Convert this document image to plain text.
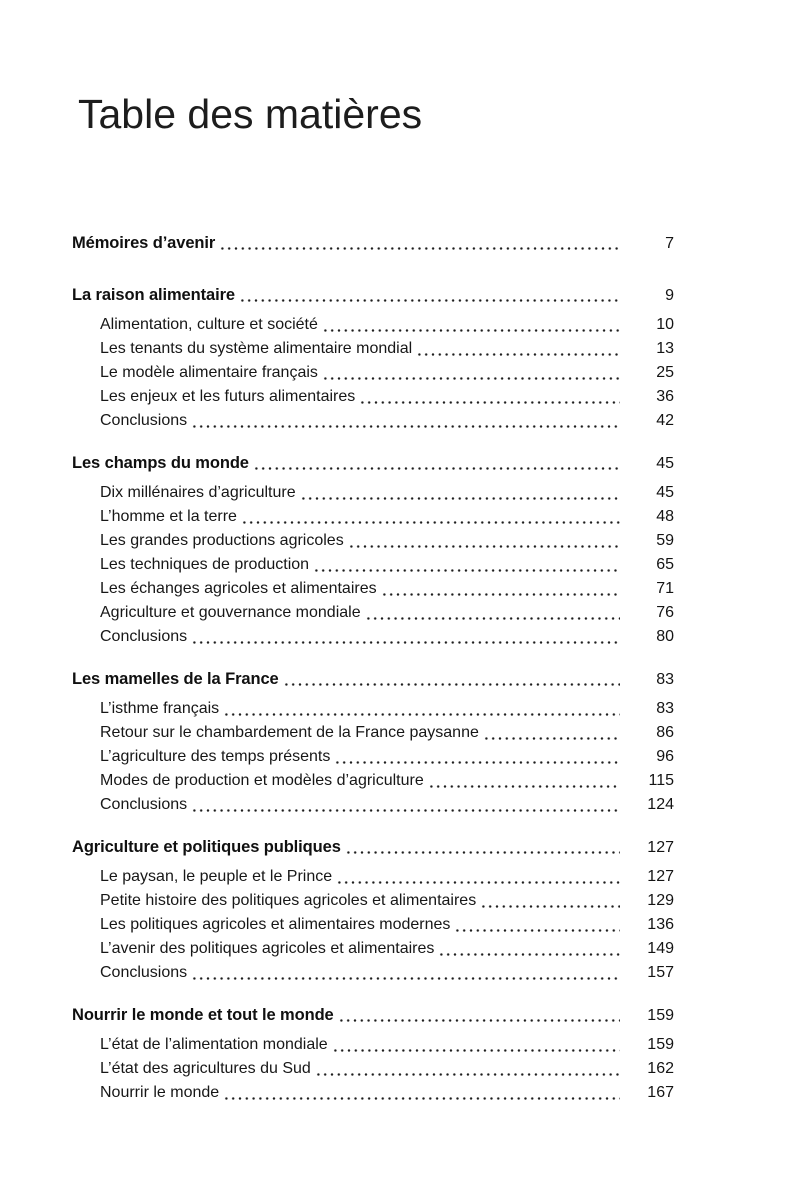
Table des matières
Mémoires d’avenir	7
La raison alimentaire	9
Alimentation, culture et société	10
Les tenants du système alimentaire mondial	13
Le modèle alimentaire français	25
Les enjeux et les futurs alimentaires	36
Conclusions	42
Les champs du monde	45
Dix millénaires d’agriculture	45
L’homme et la terre	48
Les grandes productions agricoles	59
Les techniques de production	65
Les échanges agricoles et alimentaires	71
Agriculture et gouvernance mondiale	76
Conclusions	80
Les mamelles de la France	83
L’isthme français	83
Retour sur le chambardement de la France paysanne	86
L’agriculture des temps présents	96
Modes de production et modèles d’agriculture	115
Conclusions	124
Agriculture et politiques publiques	127
Le paysan, le peuple et le Prince	127
Petite histoire des politiques agricoles et alimentaires	129
Les politiques agricoles et alimentaires modernes	136
L’avenir des politiques agricoles et alimentaires	149
Conclusions	157
Nourrir le monde et tout le monde	159
L’état de l’alimentation mondiale	159
L’état des agricultures du Sud	162
Nourrir le monde	167
